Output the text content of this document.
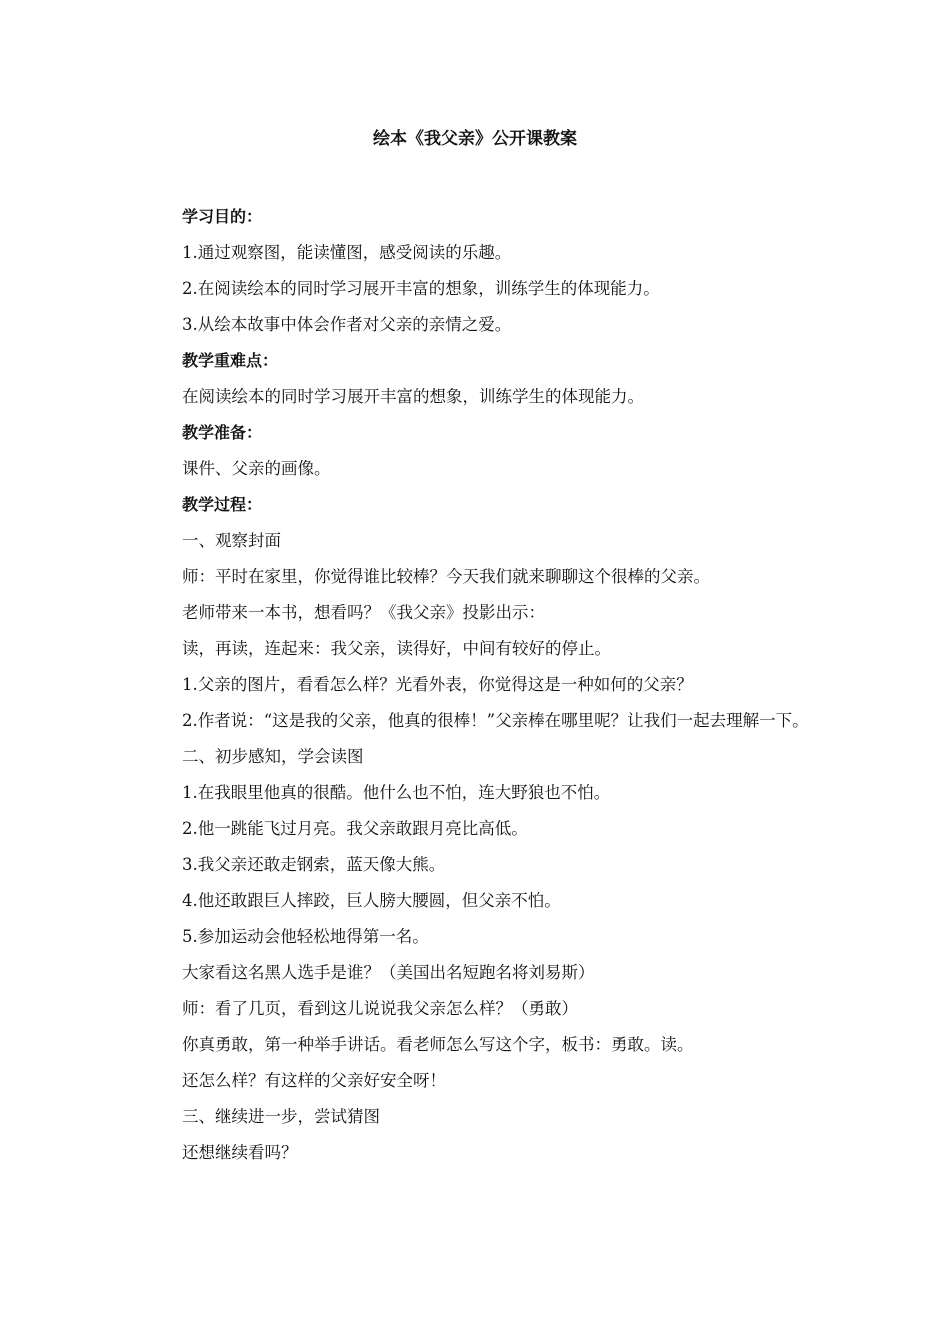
绘本《我父亲》公开课教案

学习目的：

1.通过观察图，能读懂图，感受阅读的乐趣。

2.在阅读绘本的同时学习展开丰富的想象，训练学生的体现能力。

3.从绘本故事中体会作者对父亲的亲情之爱。

教学重难点：

在阅读绘本的同时学习展开丰富的想象，训练学生的体现能力。

教学准备：

课件、父亲的画像。

教学过程：

一、观察封面

师：平时在家里，你觉得谁比较棒？今天我们就来聊聊这个很棒的父亲。

老师带来一本书，想看吗？《我父亲》投影出示：

读，再读，连起来：我父亲，读得好，中间有较好的停止。

1.父亲的图片，看看怎么样？光看外表，你觉得这是一种如何的父亲？

2.作者说：“这是我的父亲，他真的很棒！”父亲棒在哪里呢？让我们一起去理解一下。

二、初步感知，学会读图

1.在我眼里他真的很酷。他什么也不怕，连大野狼也不怕。

2.他一跳能飞过月亮。我父亲敢跟月亮比高低。

3.我父亲还敢走钢索，蓝天像大熊。

4.他还敢跟巨人摔跤，巨人膀大腰圆，但父亲不怕。

5.参加运动会他轻松地得第一名。

大家看这名黑人选手是谁？（美国出名短跑名将刘易斯）

师：看了几页，看到这儿说说我父亲怎么样？（勇敢）

你真勇敢，第一种举手讲话。看老师怎么写这个字，板书：勇敢。读。

还怎么样？有这样的父亲好安全呀！

三、继续进一步，尝试猜图

还想继续看吗？
